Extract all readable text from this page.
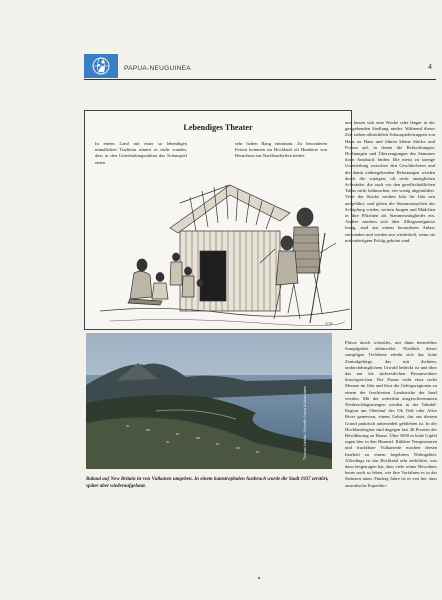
PAPUA-NEUGUINEA	4
Lebendiges Theater
In einem Land mit einer so lebendigen mündlichen Tradition nimmt es nicht wunder, dass in den Unterhaltungsstätten das Schauspiel einen
sehr hohen Rang einnimmt. Zu besonderen Festen kommen im Hochland oft Hunderte von Besuchern aus Nachbardörfern herbei
A.W.
und lassen sich eine Woche oder länger in der gastgebenden Siedlung nieder. Während dieser Zeit ziehen allnächtlich Schauspielertruppen von Haus zu Haus und führen kleine Stücke und Possen auf, in denen die Befürchtungen, Hoffnungen und Überzeugungen des Stammes ihren Ausdruck finden. Die meist zu strenge Unterteilung zwischen den Geschlechtern und die damit einhergehenden Belastungen werden durch die witzigen, oft recht anzüglichen Schwänke, die auch vor den gesellschaftlichen Tabus nicht haltmachen, ein wenig abgemildert. Viele der Stücke werden Jahr für Jahr neu aufgeführt, und gehen die Stammesmythen der Schöpfung wieder, weisen Jungen und Mädchen in ihre Pflichten als Stammesmitglieder ein. Andere machen sich über Alltagsereignisse lustig, sind aus einem besonderen Anlass entstanden und werden nur wiederholt, wenn sie mit unfertigem Erfolg gekrönt sind.
Thomas Nebbia / Woodfin Camp & Associates
Rabaul auf New Britain ist von Vulkanen umgeben. In einem katastrophalen Ausbruch wurde die Stadt 1937 zerstört, später aber wiederaufgebaut.
Flüsse durch schwüles, nur dünn besiedeltes Sumpfgebiet dahinwälzt. Nördlich dieser sumpfigen Tiefebene erhebt sich das hohe Zentralgebirge, das mit dichtem, undurchdringlichem Urwald bedeckt ist und über das nur die südwestlichen Passanwohner hinwegreichen. Der Passat weht etwa sechs Monate im Jahr und lässt die Gebirgsregionen zu einem der feuchtesten Landstriche der Insel werden. Mit der weiterhin ausgeschwemmten Niederschlagsmengen werden in der Tabubil-Region am Oberlauf des Ok Tedi oder Alice River gemessen, einem Gebiet, das aus diesem Grund praktisch unbesiedelt geblieben ist. In der Hochlandregion sind dagegen fast 40 Prozent der Bevölkerung zu Hause. Über 3000 m hohe Gipfel ragen hier in den Himmel. Kühlere Temperaturen und fruchtbare Vulkanerde machen diesen Inselteil zu einem begehrten Wohngebiet. Allerdings ist das Hochland sehr zerklüftet, was dazu beigetragen hat, dass viele seiner Bewohner heute noch so leben, wie ihre Vorfahren es in der Steinzeit taten. Fünfzig Jahre ist es erst her, dass australische Expeditio-
